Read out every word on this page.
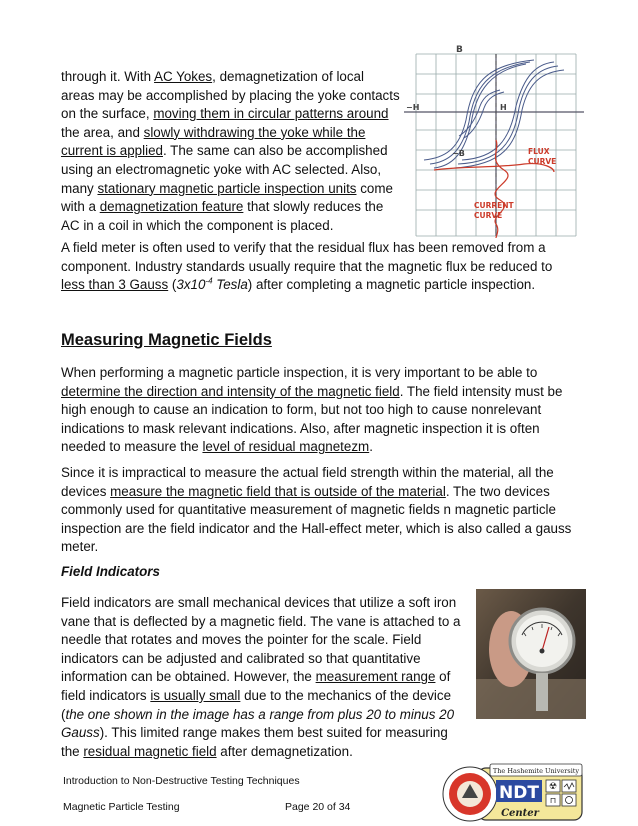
through it. With AC Yokes, demagnetization of local areas may be accomplished by placing the yoke contacts on the surface, moving them in circular patterns around the area, and slowly withdrawing the yoke while the current is applied. The same can also be accomplished using an electromagnetic yoke with AC selected. Also, many stationary magnetic particle inspection units come with a demagnetization feature that slowly reduces the AC in a coil in which the component is placed.

B
−H	H
−B	FLUX
CURVE
CURRENT
CURVE

A field meter is often used to verify that the residual flux has been removed from a component. Industry standards usually require that the magnetic flux be reduced to less than 3 Gauss ($3x10^{-4}$ Tesla) after completing a magnetic particle inspection.

Measuring Magnetic Fields

When performing a magnetic particle inspection, it is very important to be able to determine the direction and intensity of the magnetic field. The field intensity must be high enough to cause an indication to form, but not too high to cause nonrelevant indications to mask relevant indications. Also, after magnetic inspection it is often needed to measure the level of residual magnetezm.

Since it is impractical to measure the actual field strength within the material, all the devices measure the magnetic field that is outside of the material. The two devices commonly used for quantitative measurement of magnetic fields n magnetic particle inspection are the field indicator and the Hall-effect meter, which is also called a gauss meter.

Field Indicators

Field indicators are small mechanical devices that utilize a soft iron vane that is deflected by a magnetic field. The vane is attached to a needle that rotates and moves the pointer for the scale. Field indicators can be adjusted and calibrated so that quantitative information can be obtained. However, the measurement range of field indicators is usually small due to the mechanics of the device (the one shown in the image has a range from plus 20 to minus 20 Gauss). This limited range makes them best suited for measuring the residual magnetic field after demagnetization.

Introduction to Non-Destructive Testing Techniques
Magnetic Particle Testing	Page 20 of 34
The Hashemite University
NDT ☢
⊓
Center
